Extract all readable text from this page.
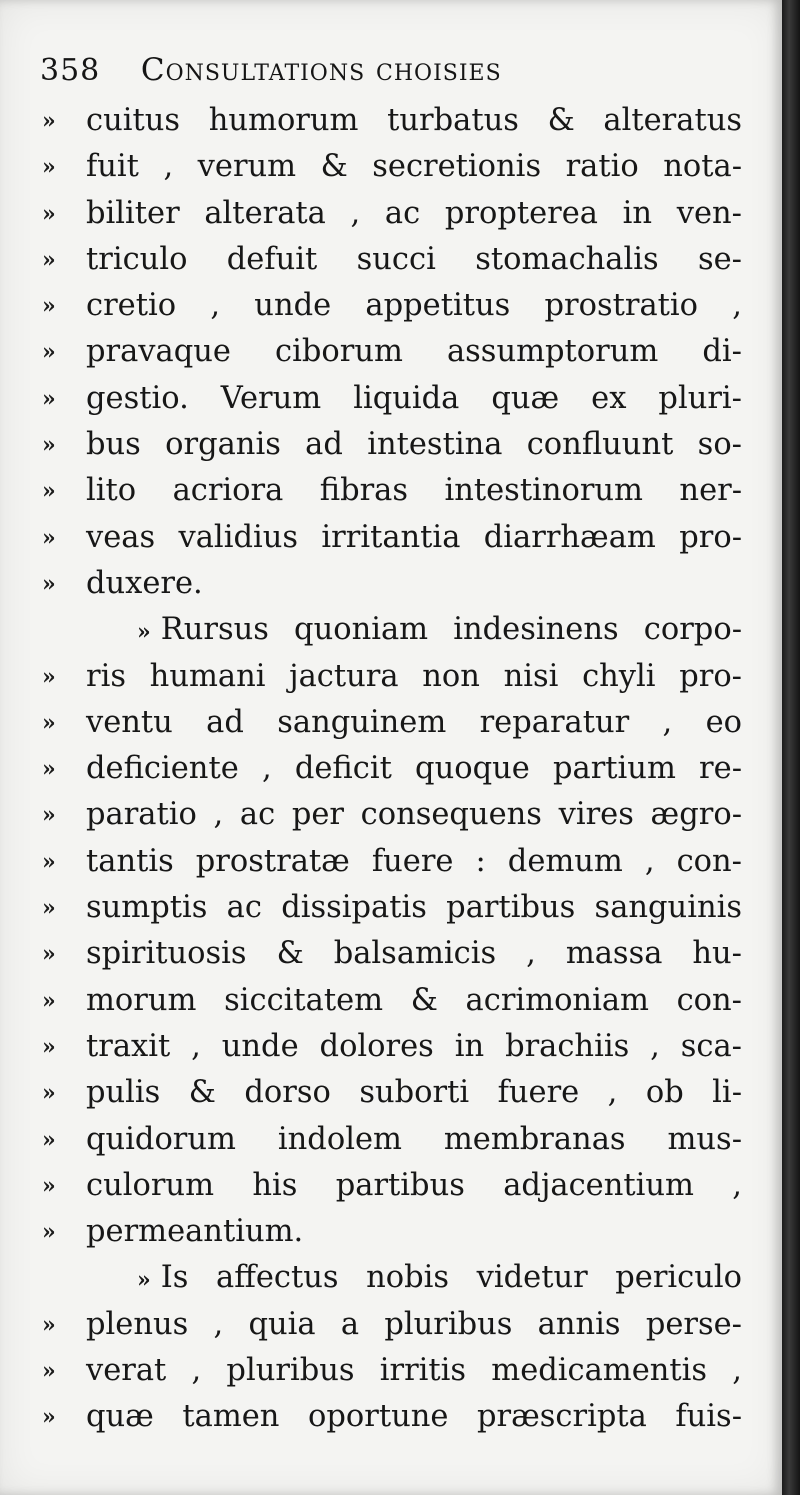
358 Consultations choisies
» cuitus humorum turbatus & alteratus
» fuit , verum & secretionis ratio nota-
» biliter alterata , ac propterea in ven-
» triculo defuit succi stomachalis se-
» cretio , unde appetitus prostratio ,
» pravaque ciborum assumptorum di-
» gestio. Verum liquida quæ ex pluri-
» bus organis ad intestina confluunt so-
» lito acriora fibras intestinorum ner-
» veas validius irritantia diarrhæam pro-
» duxere.
» Rursus quoniam indesinens corpo-
» ris humani jactura non nisi chyli pro-
» ventu ad sanguinem reparatur , eo
» deficiente , deficit quoque partium re-
» paratio , ac per consequens vires ægro-
» tantis prostratæ fuere : demum , con-
» sumptis ac dissipatis partibus sanguinis
» spirituosis & balsamicis , massa hu-
» morum siccitatem & acrimoniam con-
» traxit , unde dolores in brachiis , sca-
» pulis & dorso suborti fuere , ob li-
» quidorum indolem membranas mus-
» culorum his partibus adjacentium ,
» permeantium.
» Is affectus nobis videtur periculo
» plenus , quia a pluribus annis perse-
» verat , pluribus irritis medicamentis ,
» quæ tamen oportune præscripta fuis-
